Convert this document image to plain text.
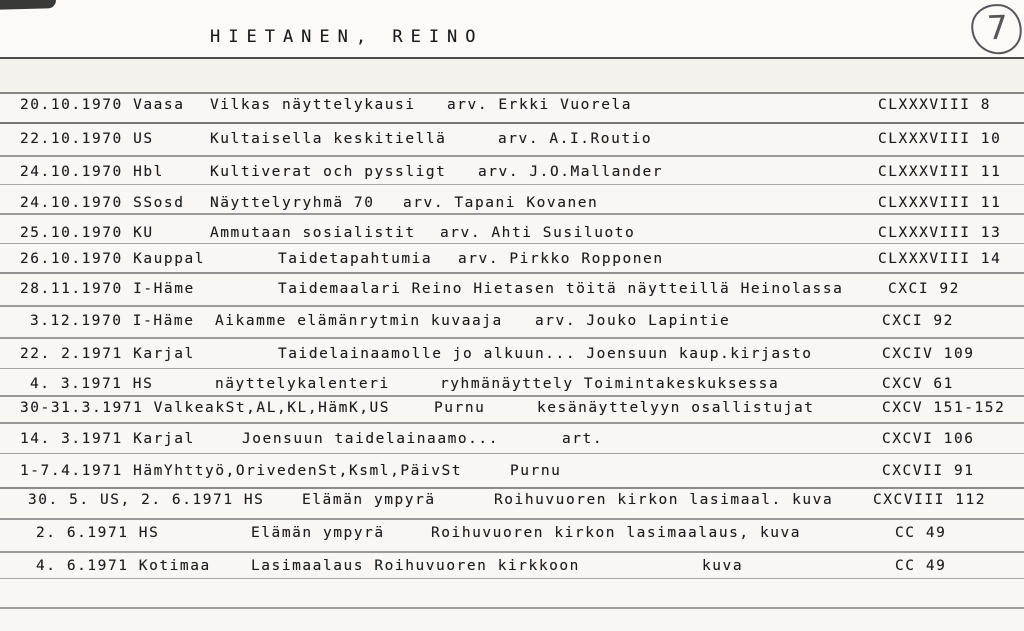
HIETANEN, REINO	7
20.10.1970 Vaasa Vilkas näyttelykausi arv. Erkki Vuorela	CLXXXVIII 8
22.10.1970 US	Kultaisella keskitiellä	arv. A.I.Routio	CLXXXVIII 10
24.10.1970 Hbl	Kultiverat och pyssligt arv. J.O.Mallander	CLXXXVIII 11
24.10.1970 SSosd Näyttelyryhmä 70 arv. Tapani Kovanen	CLXXXVIII 11
25.10.1970 KU	Ammutaan sosialistit arv. Ahti Susiluoto	CLXXXVIII 13
26.10.1970 Kauppal	Taidetapahtumia arv. Pirkko Ropponen	CLXXXVIII 14
28.11.1970 I-Häme	Taidemaalari Reino Hietasen töitä näytteillä Heinolassa	CXCI 92
3.12.1970 I-Häme Aikamme elämänrytmin kuvaaja arv. Jouko Lapintie	CXCI 92
22. 2.1971 Karjal	Taidelainaamolle jo alkuun... Joensuun kaup.kirjasto	CXCIV 109
4. 3.1971 HS	näyttelykalenteri	ryhmänäyttely Toimintakeskuksessa	CXCV 61
30-31.3.1971 ValkeakSt,AL,KL,HämK,US	Purnu	kesänäyttelyyn osallistujat	CXCV 151-152
14. 3.1971 Karjal	Joensuun taidelainaamo...	art.	CXCVI 106
1-7.4.1971 HämYhttyö,OrivedenSt,Ksml,PäivSt	Purnu	CXCVII 91
30. 5. US, 2. 6.1971 HS	Elämän ympyrä	Roihuvuoren kirkon lasimaal. kuva	CXCVIII 112
2. 6.1971 HS	Elämän ympyrä	Roihuvuoren kirkon lasimaalaus, kuva	CC 49
4. 6.1971 Kotimaa	Lasimaalaus Roihuvuoren kirkkoon	kuva	CC 49
